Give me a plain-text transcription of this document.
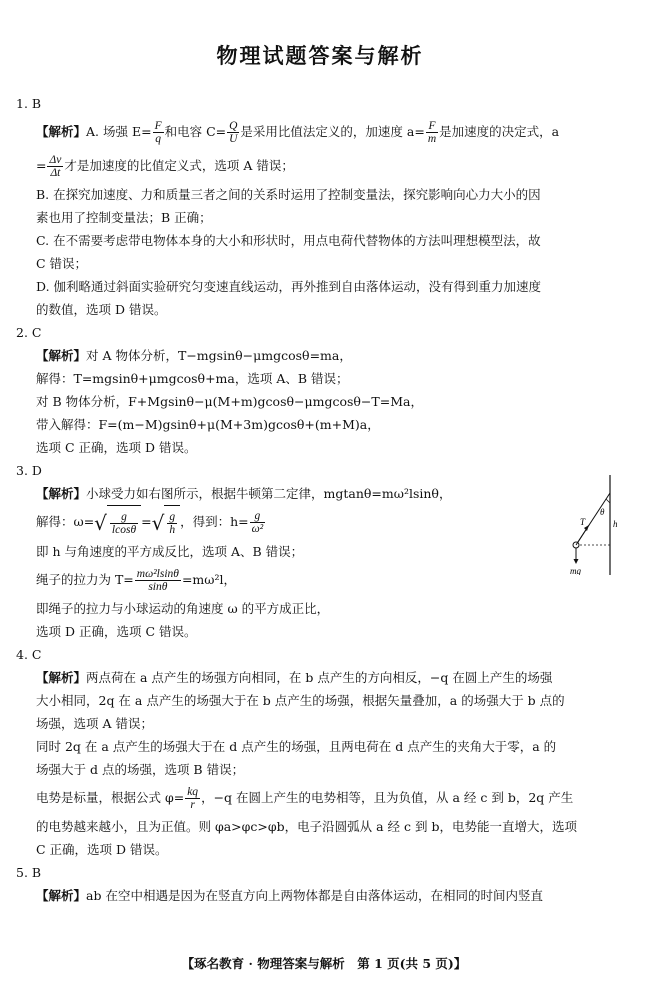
物理试题答案与解析
1. B
【解析】A. 场强 $E= \frac{F}{q}$ 和电容 $C= \frac{Q}{U}$ 是采用比值法定义的，加速度 $a= \frac{F}{m}$ 是加速度的决定式，a
= $\frac{\Delta v}{\Delta t}$ 才是加速度的比值定义式，选项 A 错误；
B. 在探究加速度、力和质量三者之间的关系时运用了控制变量法，探究影响向心力大小的因
素也用了控制变量法；B 正确；
C. 在不需要考虑带电物体本身的大小和形状时，用点电荷代替物体的方法叫理想模型法，故
C 错误；
D. 伽利略通过斜面实验研究匀变速直线运动，再外推到自由落体运动，没有得到重力加速度
的数值，选项 D 错误。
2. C
【解析】对 A 物体分析，T−mgsinθ−μmgcosθ=ma，
解得：T=mgsinθ+μmgcosθ+ma，选项 A、B 错误；
对 B 物体分析，F+Mgsinθ−μ(M+m)gcosθ−μmgcosθ−T=Ma，
带入解得：F=(m−M)gsinθ+μ(M+3m)gcosθ+(m+M)a，
选项 C 正确，选项 D 错误。
3. D
【解析】小球受力如右图所示，根据牛顿第二定律，mgtanθ=mω²lsinθ，
解得：$\omega=√ \frac{g}{lcos\theta}$ =√ $\frac{g}{h}$ ，得到：$h= \frac{g}{\text{ω²}}$
即 h 与角速度的平方成反比，选项 A、B 错误；
绳子的拉力为 $T= \frac{\text{mω²lsinθ}}{\sin\theta} =m\omega^2l$，
即绳子的拉力与小球运动的角速度 ω 的平方成正比，
选项 D 正确，选项 C 错误。
T
θ
h
mg
4. C
【解析】两点荷在 a 点产生的场强方向相同，在 b 点产生的方向相反，−q 在圆上产生的场强
大小相同，2q 在 a 点产生的场强大于在 b 点产生的场强，根据矢量叠加，a 的场强大于 b 点的
场强，选项 A 错误；
同时 2q 在 a 点产生的场强大于在 d 点产生的场强，且两电荷在 d 点产生的夹角大于零，a 的
场强大于 d 点的场强，选项 B 错误；
电势是标量，根据公式 $\varphi= \frac{kq}{r}$ ，−q 在圆上产生的电势相等，且为负值，从 a 经 c 到 b，2q 产生
的电势越来越小，且为正值。则 φa>φc>φb，电子沿圆弧从 a 经 c 到 b，电势能一直增大，选项
C 正确，选项 D 错误。
5. B
【解析】ab 在空中相遇是因为在竖直方向上两物体都是自由落体运动，在相同的时间内竖直
【琢名教育 · 物理答案与解析　第 1 页(共 5 页)】
